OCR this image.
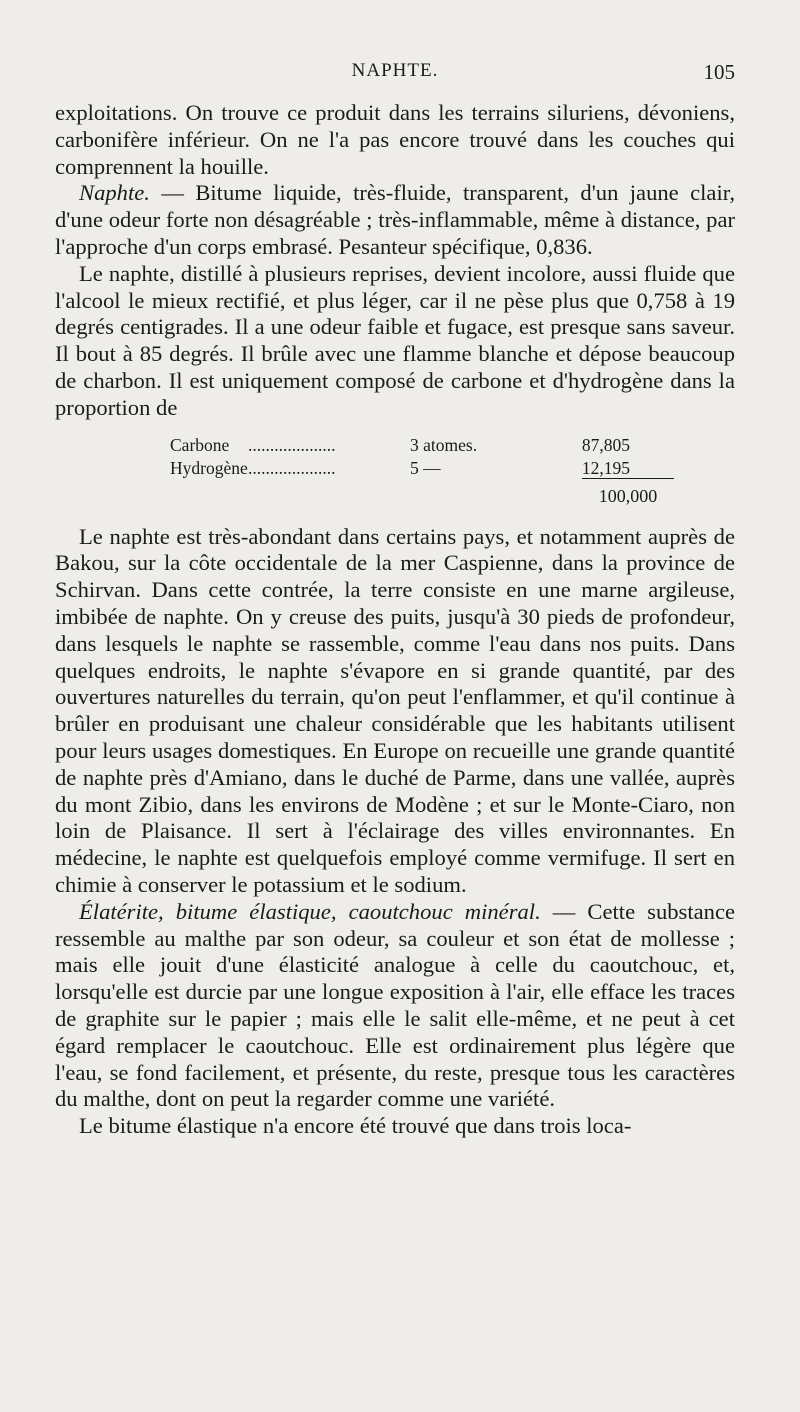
NAPHTE.	105

exploitations. On trouve ce produit dans les terrains siluriens, dévoniens, carbonifère inférieur. On ne l'a pas encore trouvé dans les couches qui comprennent la houille.

Naphte. — Bitume liquide, très-fluide, transparent, d'un jaune clair, d'une odeur forte non désagréable ; très-inflammable, même à distance, par l'approche d'un corps embrasé. Pesanteur spécifique, 0,836.

Le naphte, distillé à plusieurs reprises, devient incolore, aussi fluide que l'alcool le mieux rectifié, et plus léger, car il ne pèse plus que 0,758 à 19 degrés centigrades. Il a une odeur faible et fugace, est presque sans saveur. Il bout à 85 degrés. Il brûle avec une flamme blanche et dépose beaucoup de charbon. Il est uniquement composé de carbone et d'hydrogène dans la proportion de

Carbone ....................	3 atomes.	87,805
Hydrogène ....................	5 —	12,195
100,000

Le naphte est très-abondant dans certains pays, et notamment auprès de Bakou, sur la côte occidentale de la mer Caspienne, dans la province de Schirvan. Dans cette contrée, la terre consiste en une marne argileuse, imbibée de naphte. On y creuse des puits, jusqu'à 30 pieds de profondeur, dans lesquels le naphte se rassemble, comme l'eau dans nos puits. Dans quelques endroits, le naphte s'évapore en si grande quantité, par des ouvertures naturelles du terrain, qu'on peut l'enflammer, et qu'il continue à brûler en produisant une chaleur considérable que les habitants utilisent pour leurs usages domestiques. En Europe on recueille une grande quantité de naphte près d'Amiano, dans le duché de Parme, dans une vallée, auprès du mont Zibio, dans les environs de Modène ; et sur le Monte-Ciaro, non loin de Plaisance. Il sert à l'éclairage des villes environnantes. En médecine, le naphte est quelquefois employé comme vermifuge. Il sert en chimie à conserver le potassium et le sodium.

Élatérite, bitume élastique, caoutchouc minéral. — Cette substance ressemble au malthe par son odeur, sa couleur et son état de mollesse ; mais elle jouit d'une élasticité analogue à celle du caoutchouc, et, lorsqu'elle est durcie par une longue exposition à l'air, elle efface les traces de graphite sur le papier ; mais elle le salit elle-même, et ne peut à cet égard remplacer le caoutchouc. Elle est ordinairement plus légère que l'eau, se fond facilement, et présente, du reste, presque tous les caractères du malthe, dont on peut la regarder comme une variété.

Le bitume élastique n'a encore été trouvé que dans trois loca-
